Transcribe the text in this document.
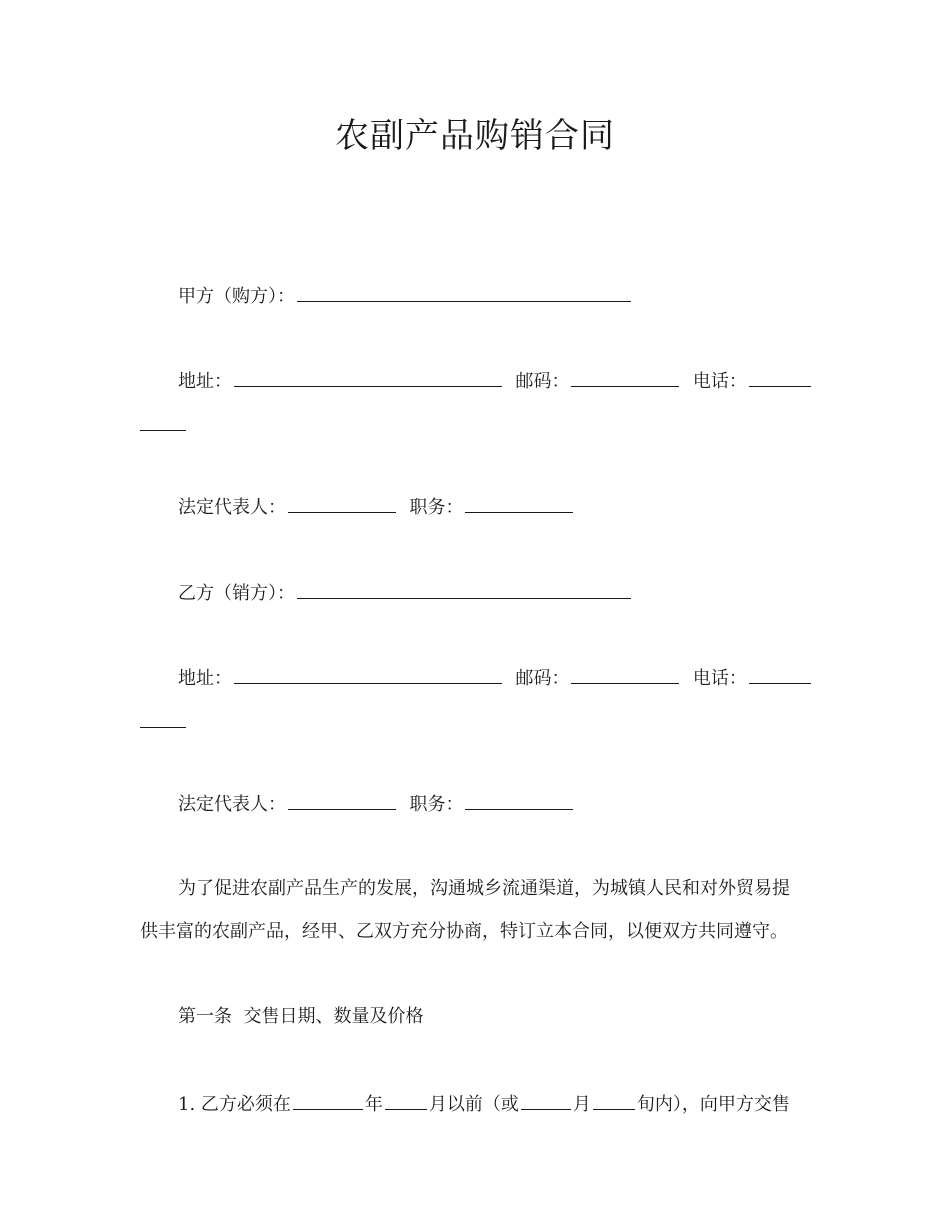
农副产品购销合同
甲方（购方）：
地址：	邮码：	电话：
法定代表人：	职务：
乙方（销方）：
地址：	邮码：	电话：
法定代表人：	职务：
为了促进农副产品生产的发展，沟通城乡流通渠道，为城镇人民和对外贸易提
供丰富的农副产品，经甲、乙双方充分协商，特订立本合同，以便双方共同遵守。
第一条  交售日期、数量及价格
1. 乙方必须在	年	月以前（或	月	旬内），向甲方交售
